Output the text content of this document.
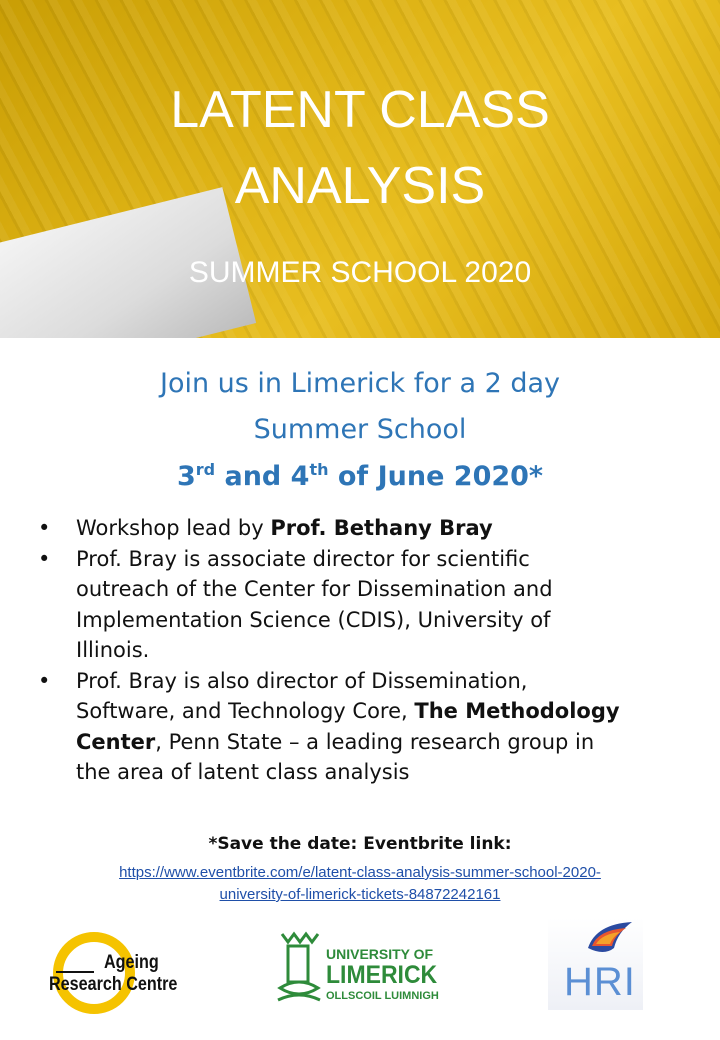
LATENT CLASS
ANALYSIS
SUMMER SCHOOL 2020

Join us in Limerick for a 2 day

Summer School

3rd and 4th of June 2020*

• Workshop lead by Prof. Bethany Bray
• Prof. Bray is associate director for scientific
outreach of the Center for Dissemination and
Implementation Science (CDIS), University of
Illinois.
• Prof. Bray is also director of Dissemination,
Software, and Technology Core, The Methodology
Center, Penn State – a leading research group in
the area of latent class analysis
*Save the date: Eventbrite link:
https://www.eventbrite.com/e/latent-class-analysis-summer-school-2020-
university-of-limerick-tickets-84872242161
Ageing
Research Centre
UNIVERSITY OF
LIMERICK
OLLSCOIL LUIMNIGH	HRI
